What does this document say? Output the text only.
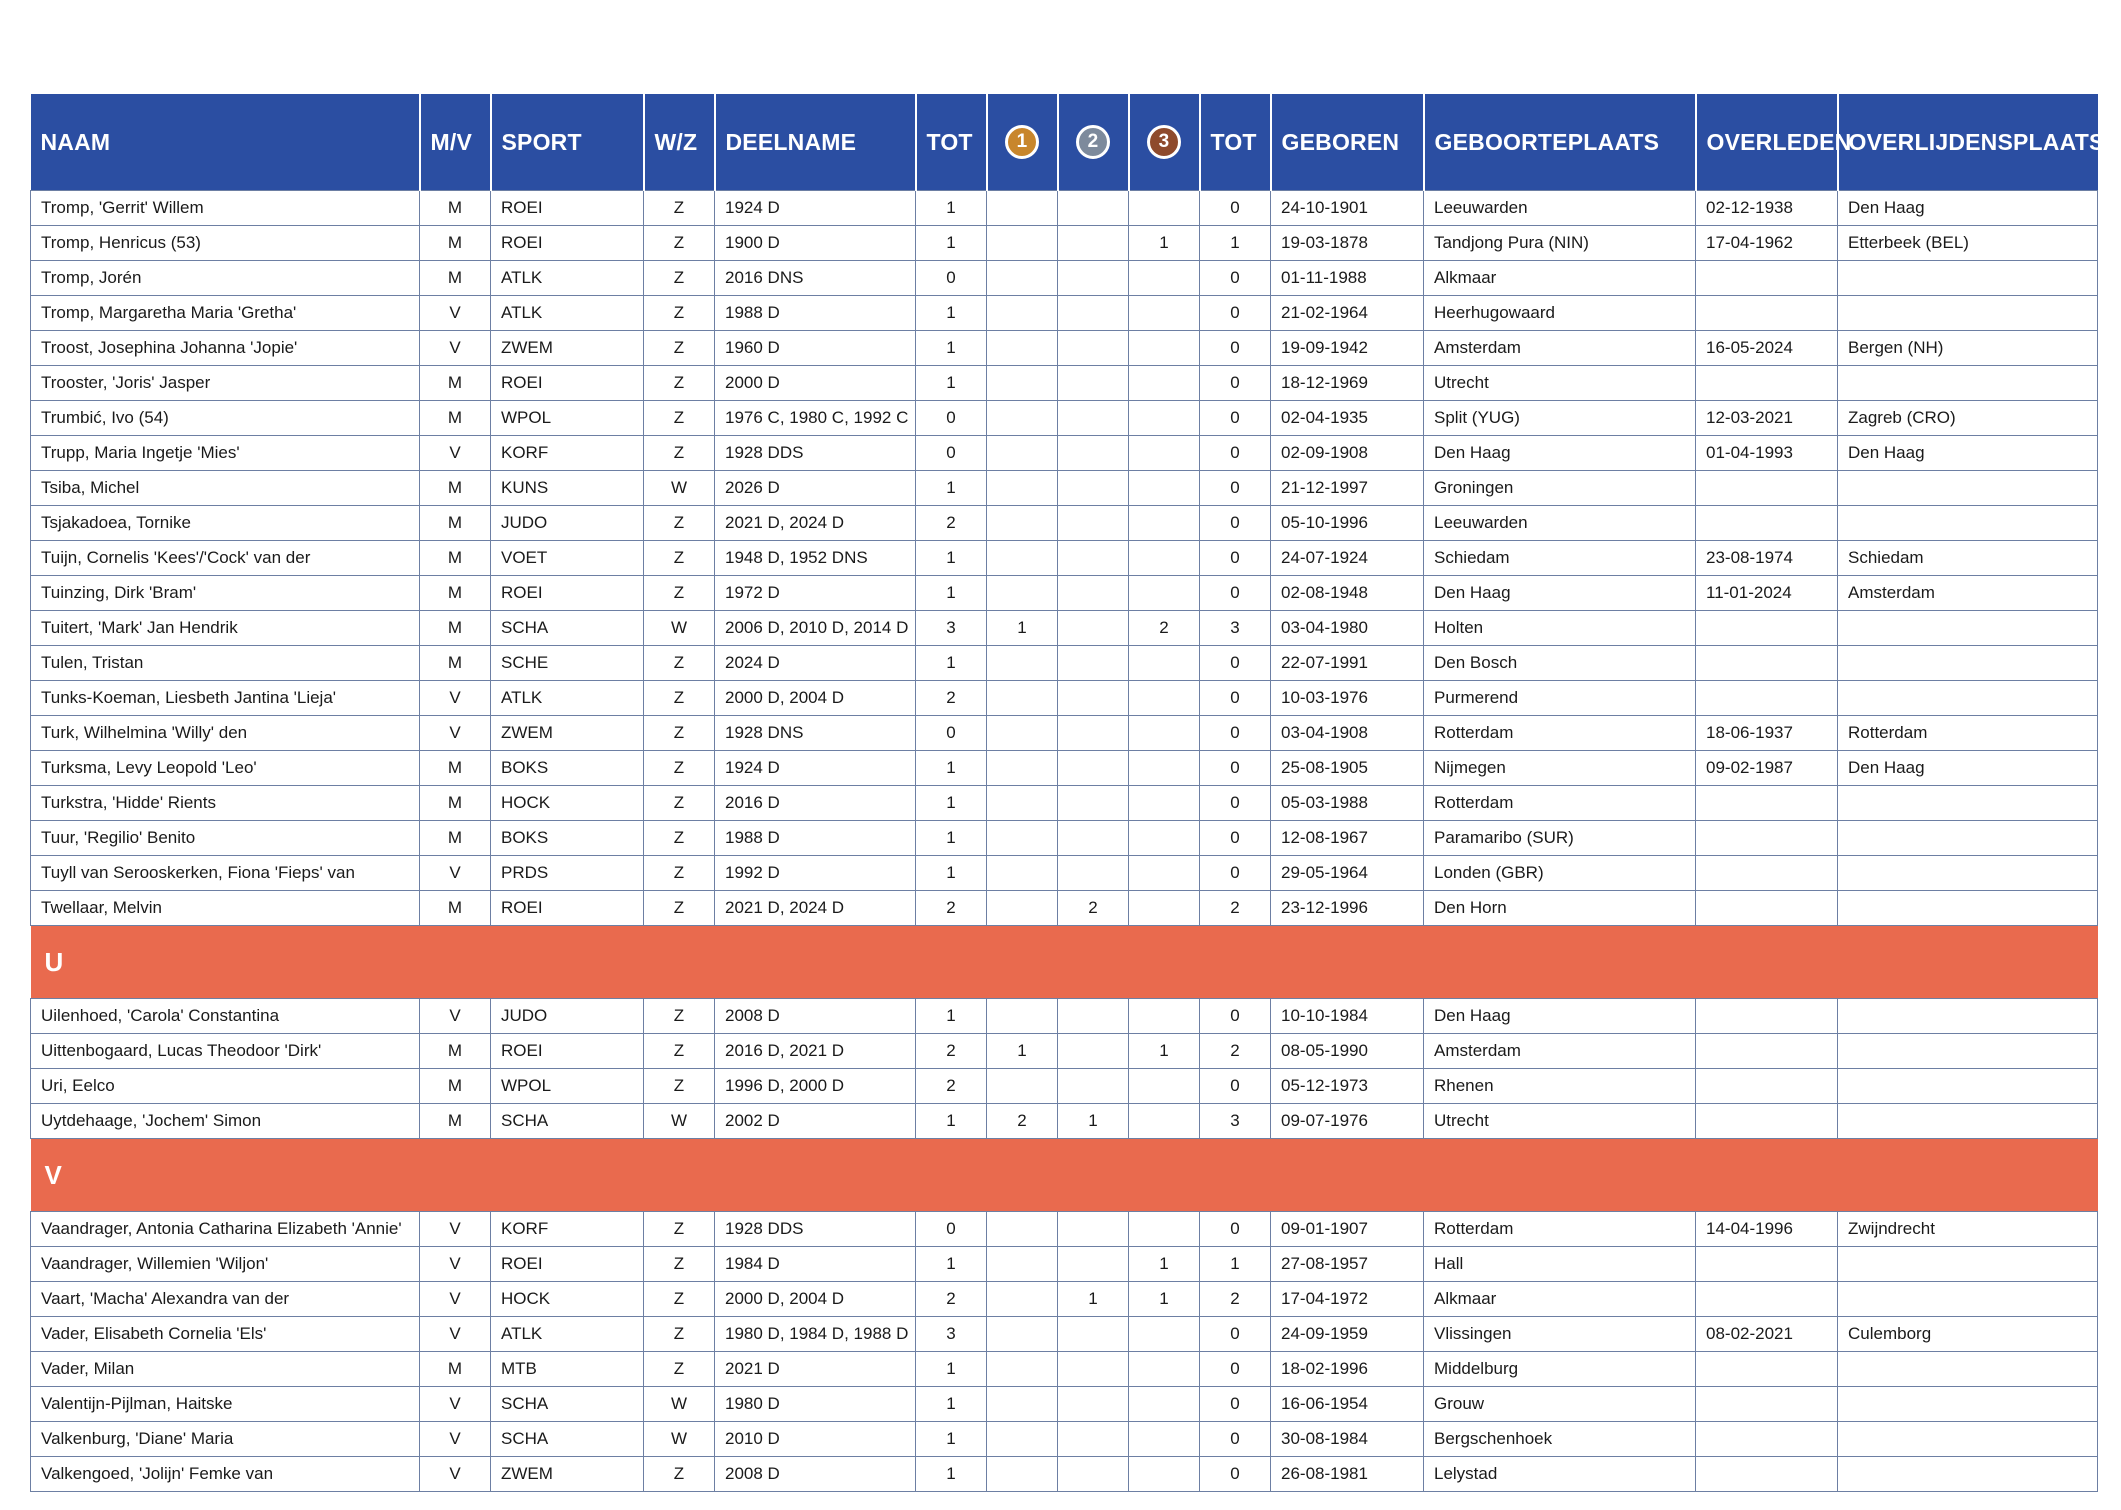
NAAM	M/V	SPORT	W/Z	DEELNAME	TOT	1	2	3	TOT	GEBOREN	GEBOORTEPLAATS	OVERLEDEN	OVERLIJDENSPLAATS
Tromp, 'Gerrit' Willem	M	ROEI	Z	1924 D	1				0	24-10-1901	Leeuwarden	02-12-1938	Den Haag
Tromp, Henricus (53)	M	ROEI	Z	1900 D	1			1	1	19-03-1878	Tandjong Pura (NIN)	17-04-1962	Etterbeek (BEL)
Tromp, Jorén	M	ATLK	Z	2016 DNS	0				0	01-11-1988	Alkmaar		
Tromp, Margaretha Maria 'Gretha'	V	ATLK	Z	1988 D	1				0	21-02-1964	Heerhugowaard		
Troost, Josephina Johanna 'Jopie'	V	ZWEM	Z	1960 D	1				0	19-09-1942	Amsterdam	16-05-2024	Bergen (NH)
Trooster, 'Joris' Jasper	M	ROEI	Z	2000 D	1				0	18-12-1969	Utrecht		
Trumbić, Ivo (54)	M	WPOL	Z	1976 C, 1980 C, 1992 C	0				0	02-04-1935	Split (YUG)	12-03-2021	Zagreb (CRO)
Trupp, Maria Ingetje 'Mies'	V	KORF	Z	1928 DDS	0				0	02-09-1908	Den Haag	01-04-1993	Den Haag
Tsiba, Michel	M	KUNS	W	2026 D	1				0	21-12-1997	Groningen		
Tsjakadoea, Tornike	M	JUDO	Z	2021 D, 2024 D	2				0	05-10-1996	Leeuwarden		
Tuijn, Cornelis 'Kees'/'Cock' van der	M	VOET	Z	1948 D, 1952 DNS	1				0	24-07-1924	Schiedam	23-08-1974	Schiedam
Tuinzing, Dirk 'Bram'	M	ROEI	Z	1972 D	1				0	02-08-1948	Den Haag	11-01-2024	Amsterdam
Tuitert, 'Mark' Jan Hendrik	M	SCHA	W	2006 D, 2010 D, 2014 D	3	1		2	3	03-04-1980	Holten		
Tulen, Tristan	M	SCHE	Z	2024 D	1				0	22-07-1991	Den Bosch		
Tunks-Koeman, Liesbeth Jantina 'Lieja'	V	ATLK	Z	2000 D, 2004 D	2				0	10-03-1976	Purmerend		
Turk, Wilhelmina 'Willy' den	V	ZWEM	Z	1928 DNS	0				0	03-04-1908	Rotterdam	18-06-1937	Rotterdam
Turksma, Levy Leopold 'Leo'	M	BOKS	Z	1924 D	1				0	25-08-1905	Nijmegen	09-02-1987	Den Haag
Turkstra, 'Hidde' Rients	M	HOCK	Z	2016 D	1				0	05-03-1988	Rotterdam		
Tuur, 'Regilio' Benito	M	BOKS	Z	1988 D	1				0	12-08-1967	Paramaribo (SUR)		
Tuyll van Serooskerken, Fiona 'Fieps' van	V	PRDS	Z	1992 D	1				0	29-05-1964	Londen (GBR)		
Twellaar, Melvin	M	ROEI	Z	2021 D, 2024 D	2		2		2	23-12-1996	Den Horn		
U													
Uilenhoed, 'Carola' Constantina	V	JUDO	Z	2008 D	1				0	10-10-1984	Den Haag		
Uittenbogaard, Lucas Theodoor 'Dirk'	M	ROEI	Z	2016 D, 2021 D	2	1		1	2	08-05-1990	Amsterdam		
Uri, Eelco	M	WPOL	Z	1996 D, 2000 D	2				0	05-12-1973	Rhenen		
Uytdehaage, 'Jochem' Simon	M	SCHA	W	2002 D	1	2	1		3	09-07-1976	Utrecht		
V													
Vaandrager, Antonia Catharina Elizabeth 'Annie'	V	KORF	Z	1928 DDS	0				0	09-01-1907	Rotterdam	14-04-1996	Zwijndrecht
Vaandrager, Willemien 'Wiljon'	V	ROEI	Z	1984 D	1			1	1	27-08-1957	Hall		
Vaart, 'Macha' Alexandra van der	V	HOCK	Z	2000 D, 2004 D	2		1	1	2	17-04-1972	Alkmaar		
Vader, Elisabeth Cornelia 'Els'	V	ATLK	Z	1980 D, 1984 D, 1988 D	3				0	24-09-1959	Vlissingen	08-02-2021	Culemborg
Vader, Milan	M	MTB	Z	2021 D	1				0	18-02-1996	Middelburg		
Valentijn-Pijlman, Haitske	V	SCHA	W	1980 D	1				0	16-06-1954	Grouw		
Valkenburg, 'Diane' Maria	V	SCHA	W	2010 D	1				0	30-08-1984	Bergschenhoek		
Valkengoed, 'Jolijn' Femke van	V	ZWEM	Z	2008 D	1				0	26-08-1981	Lelystad		
